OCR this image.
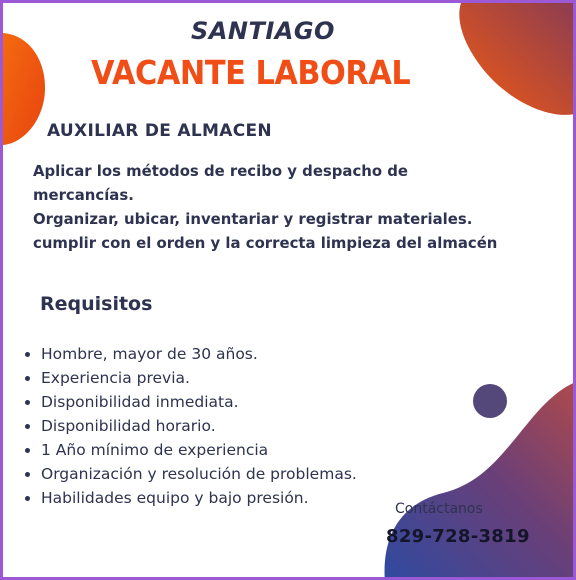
SANTIAGO
VACANTE LABORAL
AUXILIAR DE ALMACEN
Aplicar los métodos de recibo y despacho de
mercancías.
Organizar, ubicar, inventariar y registrar materiales.
cumplir con el orden y la correcta limpieza del almacén
Requisitos
• Hombre, mayor de 30 años.
• Experiencia previa.
• Disponibilidad inmediata.
• Disponibilidad horario.
• 1 Año mínimo de experiencia
• Organización y resolución de problemas.
• Habilidades equipo y bajo presión.
Contáctanos
829-728-3819
